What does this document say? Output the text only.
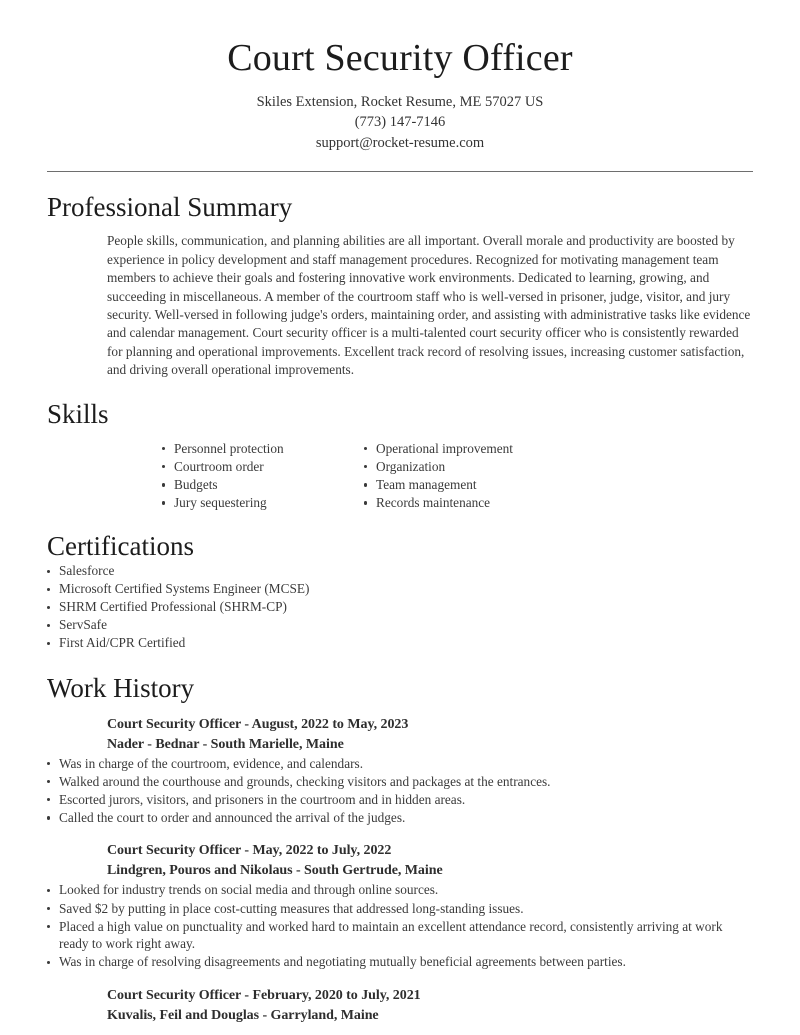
Court Security Officer

Skiles Extension, Rocket Resume, ME 57027 US

(773) 147-7146

support@rocket-resume.com

Professional Summary

People skills, communication, and planning abilities are all important. Overall morale and productivity are boosted by experience in policy development and staff management procedures. Recognized for motivating management team members to achieve their goals and fostering innovative work environments. Dedicated to learning, growing, and succeeding in miscellaneous. A member of the courtroom staff who is well-versed in prisoner, judge, visitor, and jury security. Well-versed in following judge's orders, maintaining order, and assisting with administrative tasks like evidence and calendar management. Court security officer is a multi-talented court security officer who is consistently rewarded for planning and operational improvements. Excellent track record of resolving issues, increasing customer satisfaction, and driving overall operational improvements.

Skills
Personnel protection
Courtroom order
Budgets
Jury sequestering
Operational improvement
Organization
Team management
Records maintenance
Certifications
Salesforce
Microsoft Certified Systems Engineer (MCSE)
SHRM Certified Professional (SHRM-CP)
ServSafe
First Aid/CPR Certified
Work History

Court Security Officer - August, 2022 to May, 2023

Nader - Bednar - South Marielle, Maine

Was in charge of the courtroom, evidence, and calendars.
Walked around the courthouse and grounds, checking visitors and packages at the entrances.
Escorted jurors, visitors, and prisoners in the courtroom and in hidden areas.
Called the court to order and announced the arrival of the judges.

Court Security Officer - May, 2022 to July, 2022

Lindgren, Pouros and Nikolaus - South Gertrude, Maine

Looked for industry trends on social media and through online sources.
Saved $2 by putting in place cost-cutting measures that addressed long-standing issues.
Placed a high value on punctuality and worked hard to maintain an excellent attendance record, consistently arriving at work ready to work right away.
Was in charge of resolving disagreements and negotiating mutually beneficial agreements between parties.

Court Security Officer - February, 2020 to July, 2021

Kuvalis, Feil and Douglas - Garryland, Maine
